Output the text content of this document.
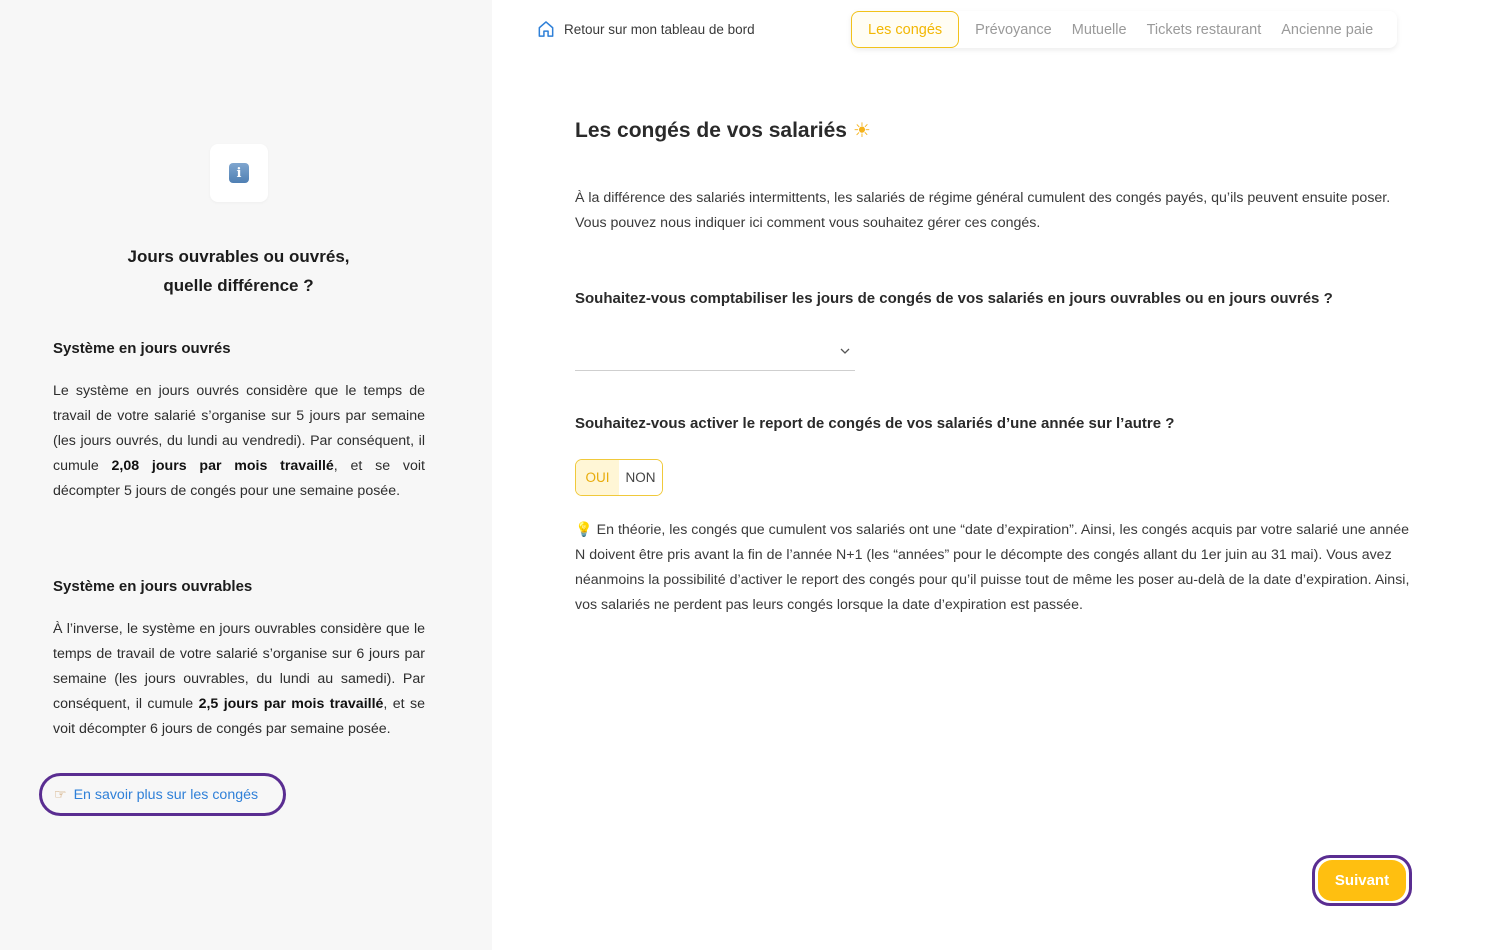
i
Jours ouvrables ou ouvrés,
quelle différence ?
Système en jours ouvrés
Le système en jours ouvrés considère que le temps de travail de votre salarié s’organise sur 5 jours par semaine (les jours ouvrés, du lundi au vendredi). Par conséquent, il cumule 2,08 jours par mois travaillé, et se voit décompter 5 jours de congés pour une semaine posée.
Système en jours ouvrables
À l’inverse, le système en jours ouvrables considère que le temps de travail de votre salarié s’organise sur 6 jours par semaine (les jours ouvrables, du lundi au samedi). Par conséquent, il cumule 2,5 jours par mois travaillé, et se voit décompter 6 jours de congés par semaine posée.
☞ En savoir plus sur les congés
Retour sur mon tableau de bord	Les congés	Prévoyance	Mutuelle	Tickets restaurant	Ancienne paie
Les congés de vos salariés ☀
À la différence des salariés intermittents, les salariés de régime général cumulent des congés payés, qu’ils peuvent ensuite poser. Vous pouvez nous indiquer ici comment vous souhaitez gérer ces congés.
Souhaitez-vous comptabiliser les jours de congés de vos salariés en jours ouvrables ou en jours ouvrés ?
Souhaitez-vous activer le report de congés de vos salariés d’une année sur l’autre ?
OUI	NON
💡 En théorie, les congés que cumulent vos salariés ont une “date d’expiration”. Ainsi, les congés acquis par votre salarié une année N doivent être pris avant la fin de l’année N+1 (les “années” pour le décompte des congés allant du 1er juin au 31 mai). Vous avez néanmoins la possibilité d’activer le report des congés pour qu’il puisse tout de même les poser au-delà de la date d’expiration. Ainsi, vos salariés ne perdent pas leurs congés lorsque la date d’expiration est passée.
Suivant
